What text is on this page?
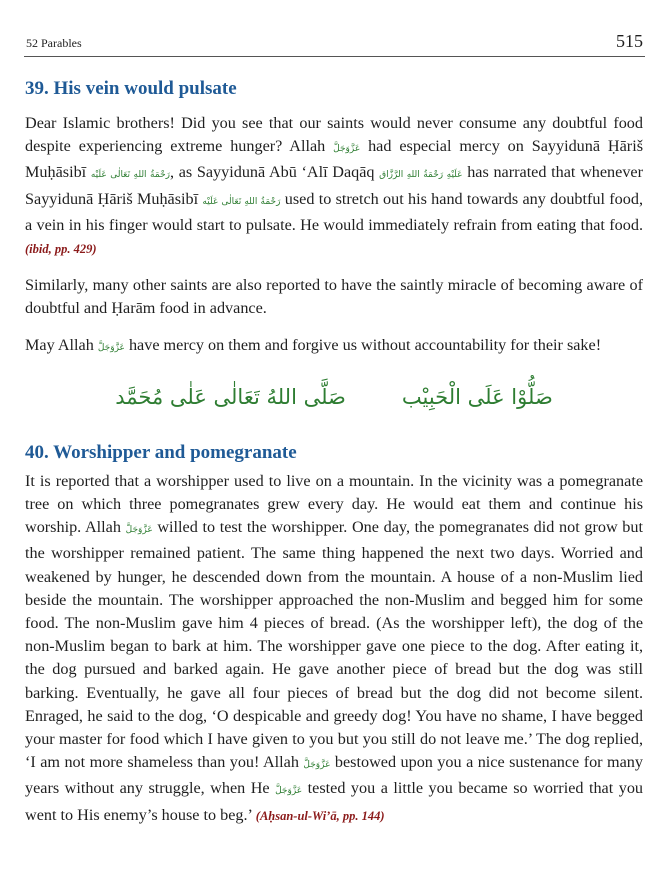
52 Parables	515
39. His vein would pulsate

Dear Islamic brothers! Did you see that our saints would never consume any doubtful food despite experiencing extreme hunger? Allah عَزَّوَجَلَّ had especial mercy on Sayyidunā Ḥāriš Muḥāsibī رَحْمَةُ اللهِ تَعَالٰی عَلَیْه, as Sayyidunā Abū ‘Alī Daqāq عَلَیْهِ رَحْمَةُ اللهِ الرَّزَّاق has narrated that whenever Sayyidunā Ḥāriš Muḥāsibī رَحْمَةُ اللهِ تَعَالٰی عَلَیْه used to stretch out his hand towards any doubtful food, a vein in his finger would start to pulsate. He would immediately refrain from eating that food. (ibid, pp. 429)

Similarly, many other saints are also reported to have the saintly miracle of becoming aware of doubtful and Ḥarām food in advance.

May Allah عَزَّوَجَلَّ have mercy on them and forgive us without accountability for their sake!

صَلُّوْا عَلَی الْحَبِیْب
صَلَّی اللهُ تَعَالٰی عَلٰی مُحَمَّد
40. Worshipper and pomegranate

It is reported that a worshipper used to live on a mountain. In the vicinity was a pomegranate tree on which three pomegranates grew every day. He would eat them and continue his worship. Allah عَزَّوَجَلَّ willed to test the worshipper. One day, the pomegranates did not grow but the worshipper remained patient. The same thing happened the next two days. Worried and weakened by hunger, he descended down from the mountain. A house of a non-Muslim lied beside the mountain. The worshipper approached the non-Muslim and begged him for some food. The non-Muslim gave him 4 pieces of bread. (As the worshipper left), the dog of the non-Muslim began to bark at him. The worshipper gave one piece to the dog. After eating it, the dog pursued and barked again. He gave another piece of bread but the dog was still barking. Eventually, he gave all four pieces of bread but the dog did not become silent. Enraged, he said to the dog, ‘O despicable and greedy dog! You have no shame, I have begged your master for food which I have given to you but you still do not leave me.’ The dog replied, ‘I am not more shameless than you! Allah عَزَّوَجَلَّ bestowed upon you a nice sustenance for many years without any struggle, when He عَزَّوَجَلَّ tested you a little you became so worried that you went to His enemy’s house to beg.’ (Aḥsan-ul-Wi’ā, pp. 144)
